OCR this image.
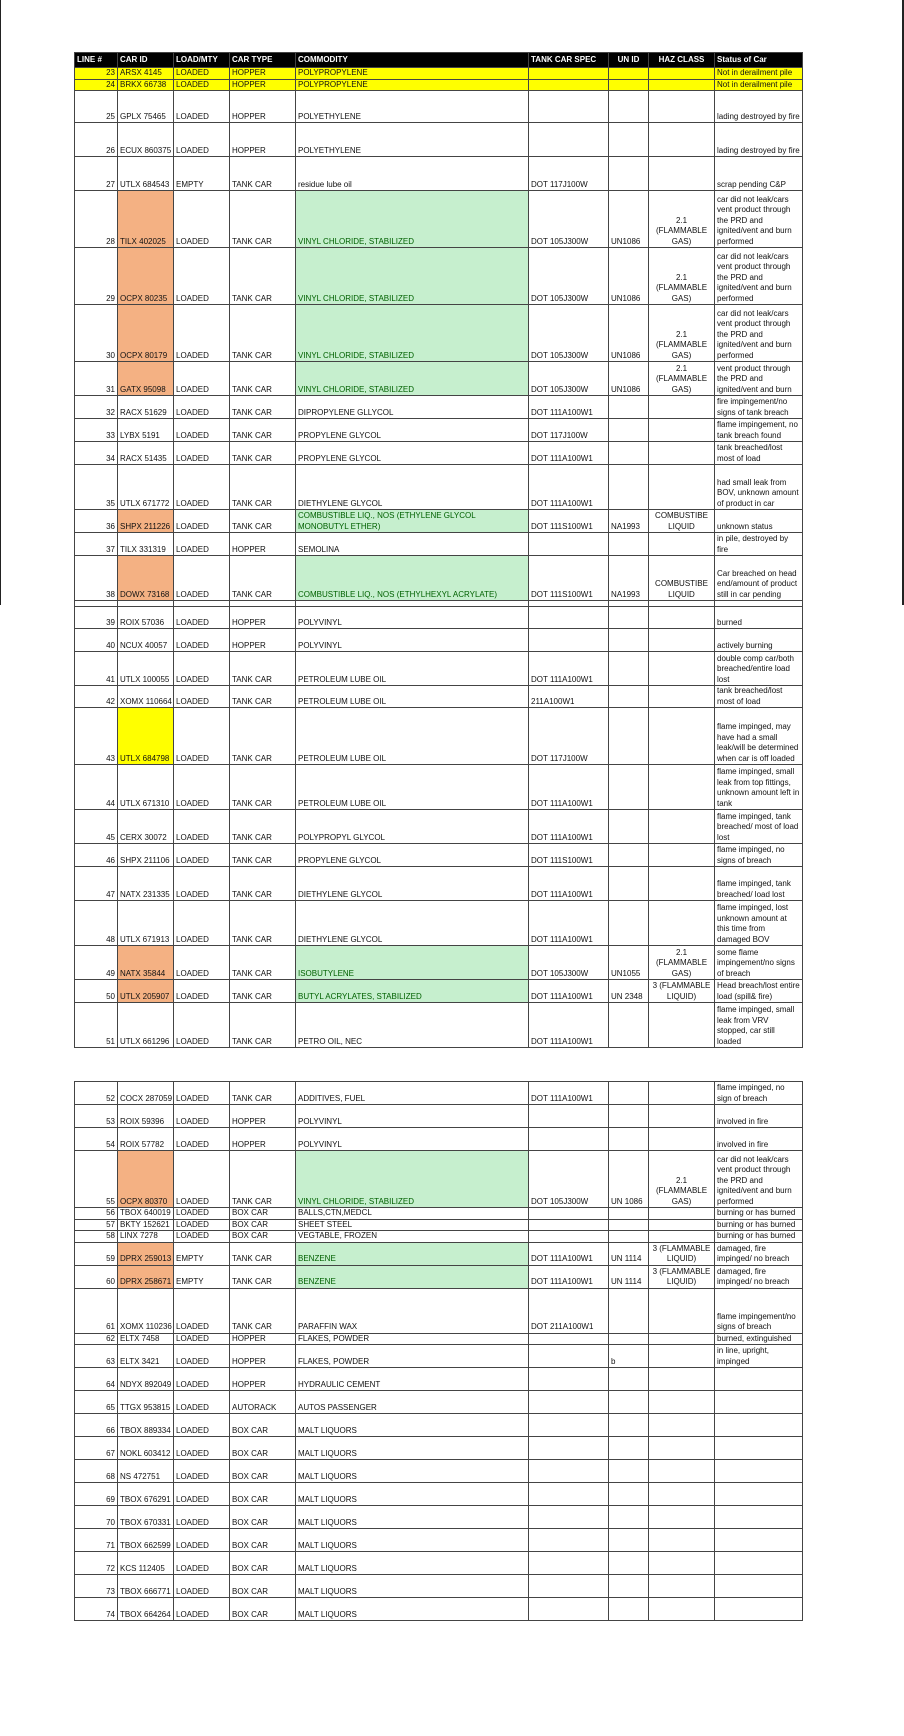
LINE #	CAR ID	LOAD/MTY	CAR TYPE	COMMODITY	TANK CAR SPEC	UN ID	HAZ CLASS	Status of Car
23	ARSX 4145	LOADED	HOPPER	POLYPROPYLENE				Not in derailment pile
24	BRKX 66738	LOADED	HOPPER	POLYPROPYLENE				Not in derailment pile
25	GPLX 75465	LOADED	HOPPER	POLYETHYLENE				lading destroyed by fire
26	ECUX 860375	LOADED	HOPPER	POLYETHYLENE				lading destroyed by fire
27	UTLX 684543	EMPTY	TANK CAR	residue lube oil	DOT 117J100W			scrap pending C&P
28	TILX 402025	LOADED	TANK CAR	VINYL CHLORIDE, STABILIZED	DOT 105J300W	UN1086	2.1 (FLAMMABLE GAS)	car did not leak/cars vent product through the PRD and ignited/vent and burn performed
29	OCPX 80235	LOADED	TANK CAR	VINYL CHLORIDE, STABILIZED	DOT 105J300W	UN1086	2.1 (FLAMMABLE GAS)	car did not leak/cars vent product through the PRD and ignited/vent and burn performed
30	OCPX 80179	LOADED	TANK CAR	VINYL CHLORIDE, STABILIZED	DOT 105J300W	UN1086	2.1 (FLAMMABLE GAS)	car did not leak/cars vent product through the PRD and ignited/vent and burn performed
31	GATX 95098	LOADED	TANK CAR	VINYL CHLORIDE, STABILIZED	DOT 105J300W	UN1086	2.1 (FLAMMABLE GAS)	vent product through the PRD and ignited/vent and burn
32	RACX 51629	LOADED	TANK CAR	DIPROPYLENE GLLYCOL	DOT 111A100W1			fire impingement/no signs of tank breach
33	LYBX 5191	LOADED	TANK CAR	PROPYLENE GLYCOL	DOT 117J100W			flame impingement, no tank breach found
34	RACX 51435	LOADED	TANK CAR	PROPYLENE GLYCOL	DOT 111A100W1			tank breached/lost most of load
35	UTLX 671772	LOADED	TANK CAR	DIETHYLENE GLYCOL	DOT 111A100W1			had small leak from BOV, unknown amount of product in car
36	SHPX 211226	LOADED	TANK CAR	COMBUSTIBLE LIQ., NOS (ETHYLENE GLYCOL MONOBUTYL ETHER)	DOT 111S100W1	NA1993	COMBUSTIBE LIQUID	unknown status
37	TILX 331319	LOADED	HOPPER	SEMOLINA				in pile, destroyed by fire
38	DOWX 73168	LOADED	TANK CAR	COMBUSTIBLE LIQ., NOS (ETHYLHEXYL ACRYLATE)	DOT 111S100W1	NA1993	COMBUSTIBE LIQUID	Car breached on head end/amount of product still in car pending

39	ROIX 57036	LOADED	HOPPER	POLYVINYL				burned
40	NCUX 40057	LOADED	HOPPER	POLYVINYL				actively burning
41	UTLX 100055	LOADED	TANK CAR	PETROLEUM LUBE OIL	DOT 111A100W1			double comp car/both breached/entire load lost
42	XOMX 110664	LOADED	TANK CAR	PETROLEUM LUBE OIL	211A100W1			tank breached/lost most of load
43	UTLX 684798	LOADED	TANK CAR	PETROLEUM LUBE OIL	DOT 117J100W			flame impinged, may have had a small leak/will be determined when car is off loaded
44	UTLX 671310	LOADED	TANK CAR	PETROLEUM LUBE OIL	DOT 111A100W1			flame impinged, small leak from top fittings, unknown amount left in tank
45	CERX 30072	LOADED	TANK CAR	POLYPROPYL GLYCOL	DOT 111A100W1			flame impinged, tank breached/ most of load lost
46	SHPX 211106	LOADED	TANK CAR	PROPYLENE GLYCOL	DOT 111S100W1			flame impinged, no signs of breach
47	NATX 231335	LOADED	TANK CAR	DIETHYLENE GLYCOL	DOT 111A100W1			flame impinged, tank breached/ load lost
48	UTLX 671913	LOADED	TANK CAR	DIETHYLENE GLYCOL	DOT 111A100W1			flame impinged, lost unknown amount at this time from damaged BOV
49	NATX 35844	LOADED	TANK CAR	ISOBUTYLENE	DOT 105J300W	UN1055	2.1 (FLAMMABLE GAS)	some flame impingement/no signs of breach
50	UTLX 205907	LOADED	TANK CAR	BUTYL ACRYLATES, STABILIZED	DOT 111A100W1	UN 2348	3 (FLAMMABLE LIQUID)	Head breach/lost entire load (spill& fire)
51	UTLX 661296	LOADED	TANK CAR	PETRO OIL, NEC	DOT 111A100W1			flame impinged, small leak from VRV stopped, car still loaded
52	COCX 287059	LOADED	TANK CAR	ADDITIVES, FUEL	DOT 111A100W1			flame impinged, no sign of breach
53	ROIX 59396	LOADED	HOPPER	POLYVINYL				involved in fire
54	ROIX 57782	LOADED	HOPPER	POLYVINYL				involved in fire
55	OCPX 80370	LOADED	TANK CAR	VINYL CHLORIDE, STABILIZED	DOT 105J300W	UN 1086	2.1 (FLAMMABLE GAS)	car did not leak/cars vent product through the PRD and ignited/vent and burn performed
56	TBOX 640019	LOADED	BOX CAR	BALLS,CTN,MEDCL				burning or has burned
57	BKTY 152621	LOADED	BOX CAR	SHEET STEEL				burning or has burned
58	LINX 7278	LOADED	BOX CAR	VEGTABLE, FROZEN				burning or has burned
59	DPRX 259013	EMPTY	TANK CAR	BENZENE	DOT 111A100W1	UN 1114	3 (FLAMMABLE LIQUID)	damaged, fire impinged/ no breach
60	DPRX 258671	EMPTY	TANK CAR	BENZENE	DOT 111A100W1	UN 1114	3 (FLAMMABLE LIQUID)	damaged, fire impinged/ no breach
61	XOMX 110236	LOADED	TANK CAR	PARAFFIN WAX	DOT 211A100W1			flame impingement/no signs of breach
62	ELTX 7458	LOADED	HOPPER	FLAKES, POWDER				burned, extinguished
63	ELTX 3421	LOADED	HOPPER	FLAKES, POWDER		b		in line, upright, impinged
64	NDYX 892049	LOADED	HOPPER	HYDRAULIC CEMENT				
65	TTGX 953815	LOADED	AUTORACK	AUTOS PASSENGER				
66	TBOX 889334	LOADED	BOX CAR	MALT LIQUORS				
67	NOKL 603412	LOADED	BOX CAR	MALT LIQUORS				
68	NS 472751	LOADED	BOX CAR	MALT LIQUORS				
69	TBOX 676291	LOADED	BOX CAR	MALT LIQUORS				
70	TBOX 670331	LOADED	BOX CAR	MALT LIQUORS				
71	TBOX 662599	LOADED	BOX CAR	MALT LIQUORS				
72	KCS 112405	LOADED	BOX CAR	MALT LIQUORS				
73	TBOX 666771	LOADED	BOX CAR	MALT LIQUORS				
74	TBOX 664264	LOADED	BOX CAR	MALT LIQUORS				
